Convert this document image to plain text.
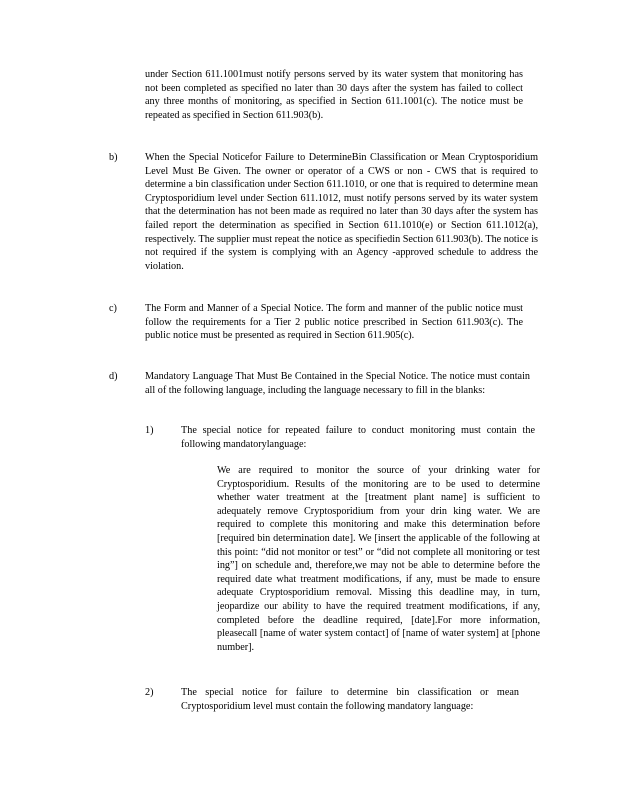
under Section 611.1001must notify persons served by its water system that monitoring has not been completed as specified no later than 30 days after the system has failed to collect any three months of monitoring, as specified in Section 611.1001(c). The notice must be repeated as specified in Section 611.903(b).

b)	When the Special Noticefor Failure to DetermineBin Classification or Mean Cryptosporidium Level Must Be Given. The owner or operator of a CWS or non - CWS that is required to determine a bin classification under Section 611.1010, or one that is required to determine mean Cryptosporidium level under Section 611.1012, must notify persons served by its water system that the determination has not been made as required no later than 30 days after the system has failed report the determination as specified in Section 611.1010(e) or Section 611.1012(a), respectively. The supplier must repeat the notice as specifiedin Section 611.903(b). The notice is not required if the system is complying with an Agency -approved schedule to address the violation.

c)	The Form and Manner of a Special Notice. The form and manner of the public notice must follow the requirements for a Tier 2 public notice prescribed in Section 611.903(c). The public notice must be presented as required in Section 611.905(c).

d)	Mandatory Language That Must Be Contained in the Special Notice. The notice must contain all of the following language, including the language necessary to fill in the blanks:

1)	The special notice for repeated failure to conduct monitoring must contain the following mandatorylanguage:

We are required to monitor the source of your drinking water for Cryptosporidium. Results of the monitoring are to be used to determine whether water treatment at the [treatment plant name] is sufficient to adequately remove Cryptosporidium from your drin king water. We are required to complete this monitoring and make this determination before [required bin determination date]. We [insert the applicable of the following at this point: “did not monitor or test” or “did not complete all monitoring or test ing”] on schedule and, therefore,we may not be able to determine before the required date what treatment modifications, if any, must be made to ensure adequate Cryptosporidium removal. Missing this deadline may, in turn, jeopardize our ability to have the required treatment modifications, if any, completed before the deadline required, [date].For more information, pleasecall [name of water system contact] of [name of water system] at [phone number].

2)	The special notice for failure to determine bin classification or mean Cryptosporidium level must contain the following mandatory language:
